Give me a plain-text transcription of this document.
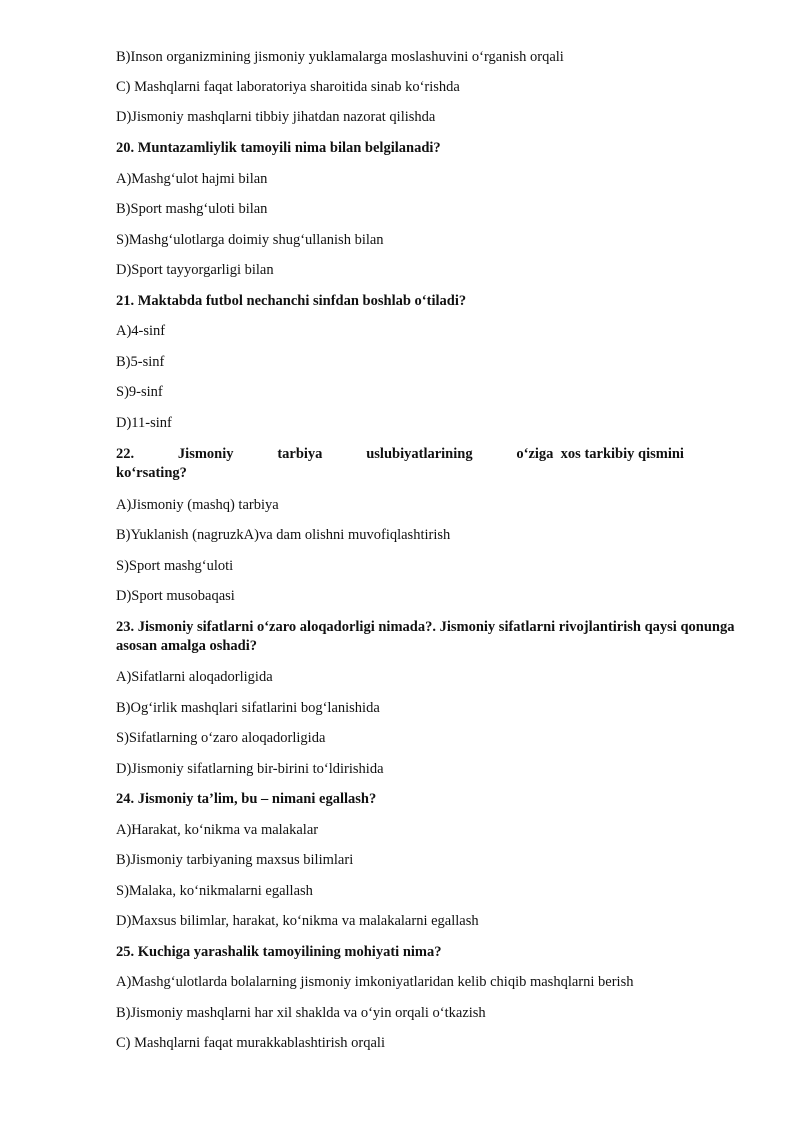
B)Inson organizmining jismoniy yuklamalarga moslashuvini o‘rganish orqali
C) Mashqlarni faqat laboratoriya sharoitida sinab ko‘rishda
D)Jismoniy mashqlarni tibbiy jihatdan nazorat qilishda
20. Muntazamliylik tamoyili nima bilan belgilanadi?
A)Mashg‘ulot hajmi bilan
B)Sport mashg‘uloti bilan
S)Mashg‘ulotlarga doimiy shug‘ullanish bilan
D)Sport tayyorgarligi bilan
21. Maktabda futbol nechanchi sinfdan boshlab o‘tiladi?
A)4-sinf
B)5-sinf
S)9-sinf
D)11-sinf
22.	Jismoniy	tarbiya	uslubiyatlarining	o‘ziga  xos tarkibiy qismini
ko‘rsating?
A)Jismoniy (mashq) tarbiya
B)Yuklanish (nagruzkA)va dam olishni muvofiqlashtirish
S)Sport mashg‘uloti
D)Sport musobaqasi
23. Jismoniy sifatlarni o‘zaro aloqadorligi nimada?. Jismoniy sifatlarni rivojlantirish qaysi qonunga asosan amalga oshadi?
A)Sifatlarni aloqadorligida
B)Og‘irlik mashqlari sifatlarini bog‘lanishida
S)Sifatlarning o‘zaro aloqadorligida
D)Jismoniy sifatlarning bir-birini to‘ldirishida
24. Jismoniy ta’lim, bu – nimani egallash?
A)Harakat, ko‘nikma va malakalar
B)Jismoniy tarbiyaning maxsus bilimlari
S)Malaka, ko‘nikmalarni egallash
D)Maxsus bilimlar, harakat, ko‘nikma va malakalarni egallash
25. Kuchiga yarashalik tamoyilining mohiyati nima?
A)Mashg‘ulotlarda bolalarning jismoniy imkoniyatlaridan kelib chiqib mashqlarni berish
B)Jismoniy mashqlarni har xil shaklda va o‘yin orqali o‘tkazish
C) Mashqlarni faqat murakkablashtirish orqali
